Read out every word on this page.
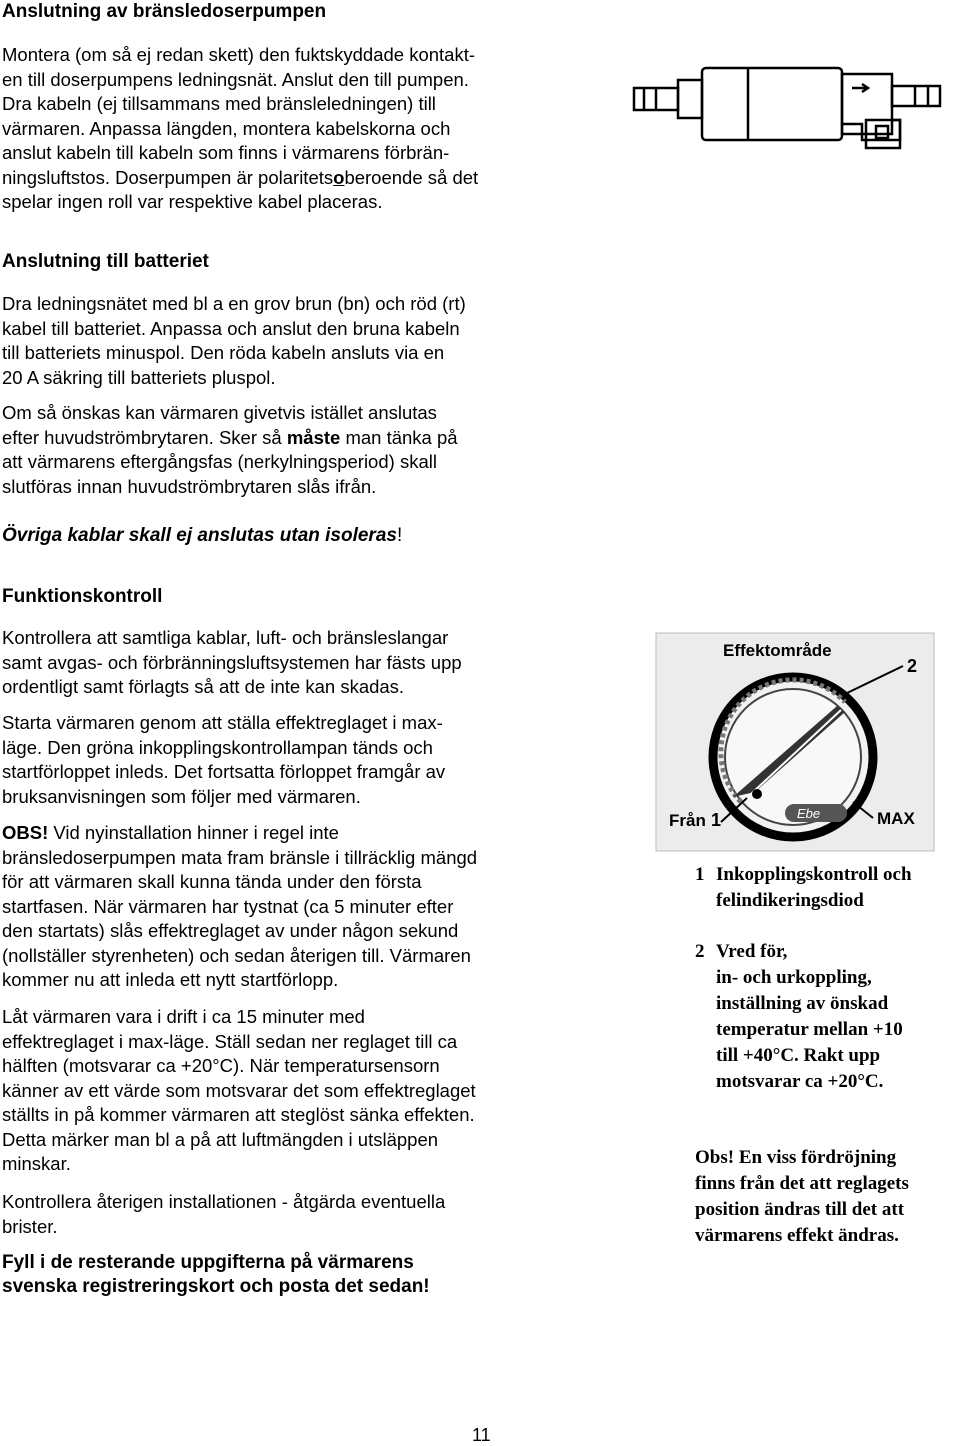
Anslutning av bränsledoserpumpen
Montera (om så ej redan skett) den fuktskyddade kontakt-
en till doserpumpens ledningsnät. Anslut den till pumpen.
Dra kabeln (ej tillsammans med bränsleledningen) till
värmaren. Anpassa längden, montera kabelskorna och
anslut kabeln till kabeln som finns i värmarens förbrän-
ningsluftstos. Doserpumpen är polaritetsoberoende så det
spelar ingen roll var respektive kabel placeras.
Anslutning till batteriet
Dra ledningsnätet med bl a en grov brun (bn) och röd (rt)
kabel till batteriet. Anpassa och anslut den bruna kabeln
till batteriets minuspol. Den röda kabeln ansluts via en
20 A säkring till batteriets pluspol.
Om så önskas kan värmaren givetvis istället anslutas
efter huvudströmbrytaren. Sker så måste man tänka på
att värmarens eftergångsfas (nerkylningsperiod) skall
slutföras innan huvudströmbrytaren slås ifrån.
Övriga kablar skall ej anslutas utan isoleras!
Funktionskontroll
Kontrollera att samtliga kablar, luft- och bränsleslangar
samt avgas- och förbränningsluftsystemen har fästs upp
ordentligt samt förlagts så att de inte kan skadas.
Starta värmaren genom att ställa effektreglaget i max-
läge. Den gröna inkopplingskontrollampan tänds och
startförloppet inleds. Det fortsatta förloppet framgår av
bruksanvisningen som följer med värmaren.
OBS! Vid nyinstallation hinner i regel inte
bränsledoserpumpen mata fram bränsle i tillräcklig mängd
för att värmaren skall kunna tända under den första
startfasen. När värmaren har tystnat (ca 5 minuter efter
den startats) slås effektreglaget av under någon sekund
(nollställer styrenheten) och sedan återigen till. Värmaren
kommer nu att inleda ett nytt startförlopp.
Låt värmaren vara i drift i ca 15 minuter med
effektreglaget i max-läge. Ställ sedan ner reglaget till ca
hälften (motsvarar ca +20°C). När temperatursensorn
känner av ett värde som motsvarar det som effektreglaget
ställts in på kommer värmaren att steglöst sänka effekten.
Detta märker man bl a på att luftmängden i utsläppen
minskar.
Kontrollera återigen installationen - åtgärda eventuella
brister.
Fyll i de resterande uppgifterna på värmarens
svenska registreringskort och posta det sedan!
Effektområde
2
Ebe
Från 1	MAX
1 Inkopplingskontroll och
felindikeringsdiod
2 Vred för,
in- och urkoppling,
inställning av önskad
temperatur mellan +10
till +40°C. Rakt upp
motsvarar ca +20°C.
Obs! En viss fördröjning
finns från det att reglagets
position ändras till det att
värmarens effekt ändras.
11
